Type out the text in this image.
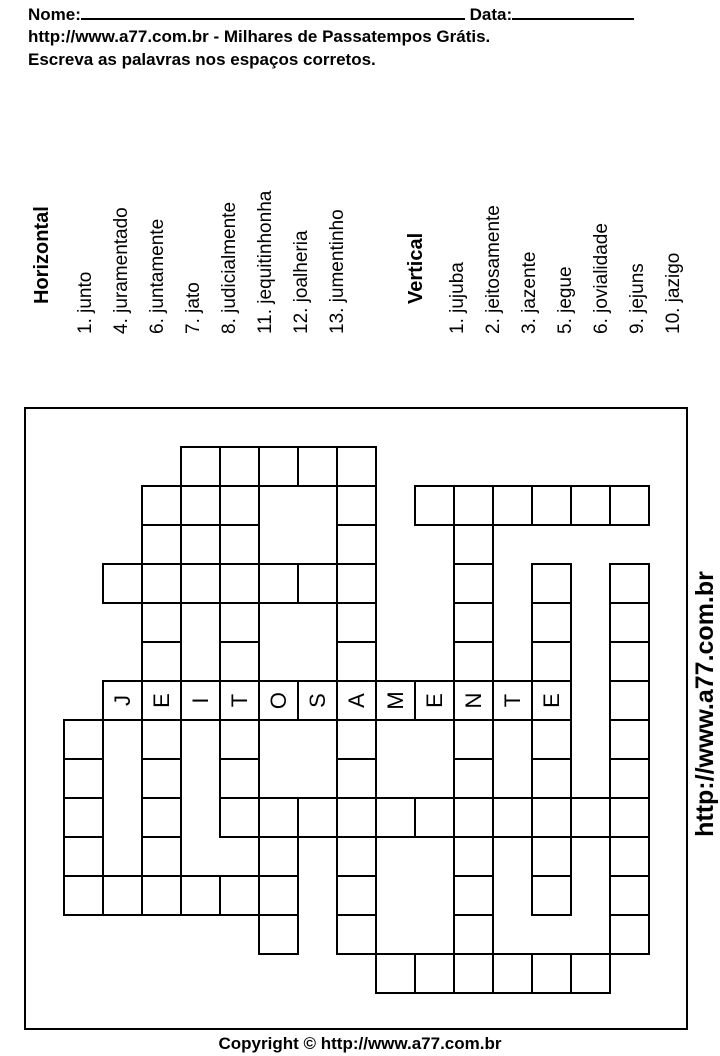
Nome:	Data:
http://www.a77.com.br - Milhares de Passatempos Grátis.
Escreva as palavras nos espaços corretos.
Horizontal 1. junto 4. juramentado 6. juntamente 7. jato 8. judicialmente 11. jequitinhonha 12. joalheria 13. jumentinho	Vertical 1. jujuba 2. jeitosamente 3. jazente 5. jegue 6. jovialidade 9. jejuns 10. jazigo
J E I T O S A M E N T E	http://www.a77.com.br
Copyright © http://www.a77.com.br
